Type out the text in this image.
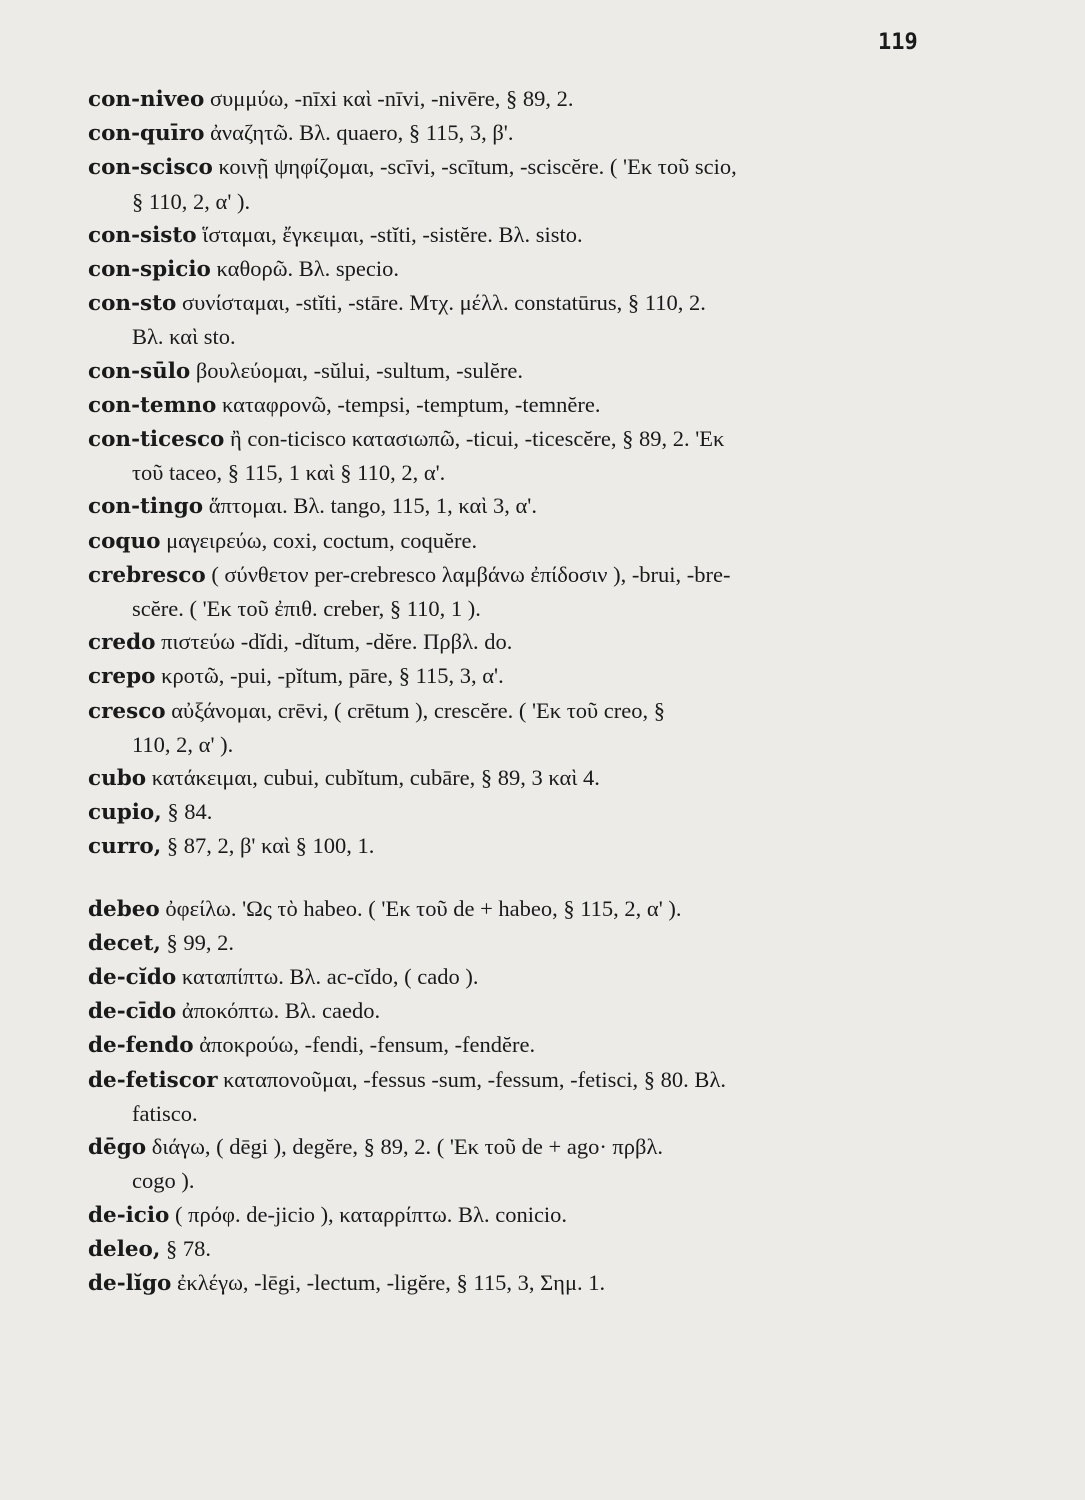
119
con-niveo συμμύω, -nīxi καὶ -nīvi, -nivēre, § 89, 2.
con-quīro ἀναζητῶ. Βλ. quaero, § 115, 3, β'.
con-scisco κοινῇ ψηφίζομαι, -scīvi, -scītum, -sciscĕre. ( 'Εκ τοῦ scio,
§ 110, 2, α' ).
con-sisto ἵσταμαι, ἔγκειμαι, -stĭti, -sistĕre. Βλ. sisto.
con-spicio καθορῶ. Βλ. specio.
con-sto συνίσταμαι, -stĭti, -stāre. Μτχ. μέλλ. constatūrus, § 110, 2.
Βλ. καὶ sto.
con-sūlo βουλεύομαι, -sŭlui, -sultum, -sulĕre.
con-temno καταφρονῶ, -tempsi, -temptum, -temnĕre.
con-ticesco ἢ con-ticisco κατασιωπῶ, -ticui, -ticescĕre, § 89, 2. 'Εκ
τοῦ taceo, § 115, 1 καὶ § 110, 2, α'.
con-tingo ἅπτομαι. Βλ. tango, 115, 1, καὶ 3, α'.
coquo μαγειρεύω, coxi, coctum, coquĕre.
crebresco ( σύνθετον per-crebresco λαμβάνω ἐπίδοσιν ), -brui, -bre-
scĕre. ( 'Εκ τοῦ ἐπιθ. creber, § 110, 1 ).
credo πιστεύω -dĭdi, -dĭtum, -dĕre. Πρβλ. do.
crepo κροτῶ, -pui, -pĭtum, pāre, § 115, 3, α'.
cresco αὐξάνομαι, crēvi, ( crētum ), crescĕre. ( 'Εκ τοῦ creo, §
110, 2, α' ).
cubo κατάκειμαι, cubui, cubĭtum, cubāre, § 89, 3 καὶ 4.
cupio, § 84.
curro, § 87, 2, β' καὶ § 100, 1.
debeo ὀφείλω. 'Ως τὸ habeo. ( 'Εκ τοῦ de + habeo, § 115, 2, α' ).
decet, § 99, 2.
de-cĭdo καταπίπτω. Βλ. ac-cĭdo, ( cado ).
de-cīdo ἀποκόπτω. Βλ. caedo.
de-fendo ἀποκρούω, -fendi, -fensum, -fendĕre.
de-fetiscor καταπονοῦμαι, -fessus -sum, -fessum, -fetisci, § 80. Βλ.
fatisco.
dēgo διάγω, ( dēgi ), degĕre, § 89, 2. ( 'Εκ τοῦ de + ago· πρβλ.
cogo ).
de-icio ( πρόφ. de-jicio ), καταρρίπτω. Βλ. conicio.
deleo, § 78.
de-lĭgo ἐκλέγω, -lēgi, -lectum, -ligĕre, § 115, 3, Σημ. 1.
